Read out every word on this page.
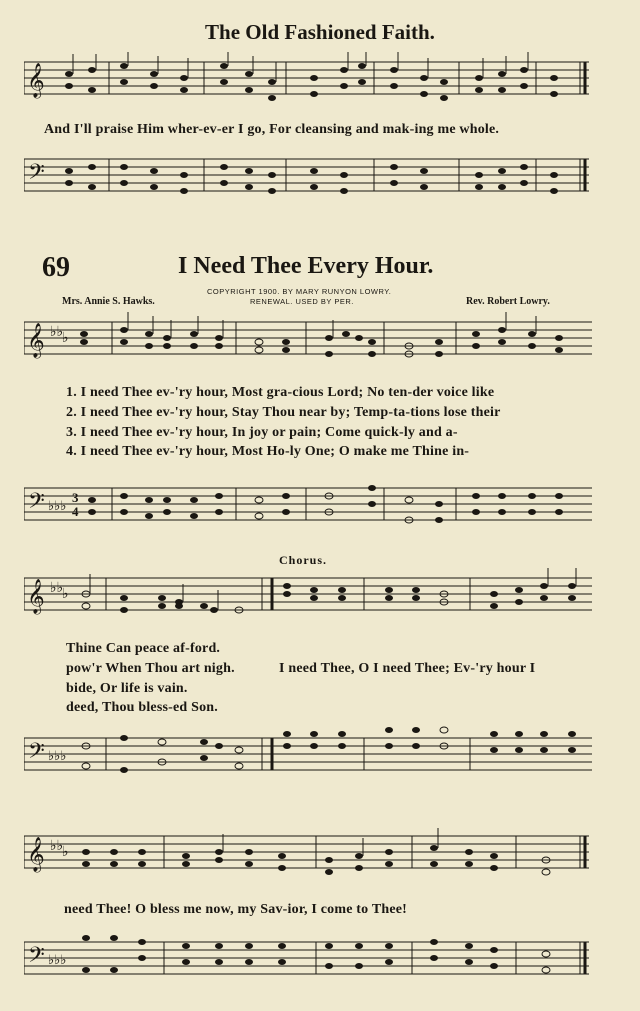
The Old Fashioned Faith.
𝄞
And I'll praise Him wher-ev-er I go, For cleansing and mak-ing me whole.
𝄢
69	I Need Thee Every Hour.
Mrs. Annie S. Hawks.
COPYRIGHT 1900. BY MARY RUNYON LOWRY.
RENEWAL. USED BY PER.	Rev. Robert Lowry.
𝄞 ♭♭
♭
1. I need Thee ev-'ry hour, Most gra-cious Lord; No ten-der voice like
2. I need Thee ev-'ry hour, Stay Thou near by; Temp-ta-tions lose their
3. I need Thee ev-'ry hour, In joy or pain; Come quick-ly and a-
4. I need Thee ev-'ry hour, Most Ho-ly One; O make me Thine in-
𝄢 ♭♭♭
3
4
Chorus.
𝄞 ♭♭
♭
Thine Can peace af-ford.
pow'r When Thou art nigh.
bide, Or life is vain.
deed, Thou bless-ed Son.
I need Thee, O I need Thee; Ev-'ry hour I
𝄢 ♭♭♭
𝄞 ♭♭
♭
need Thee! O bless me now, my Sav-ior, I come to Thee!
𝄢 ♭♭♭
